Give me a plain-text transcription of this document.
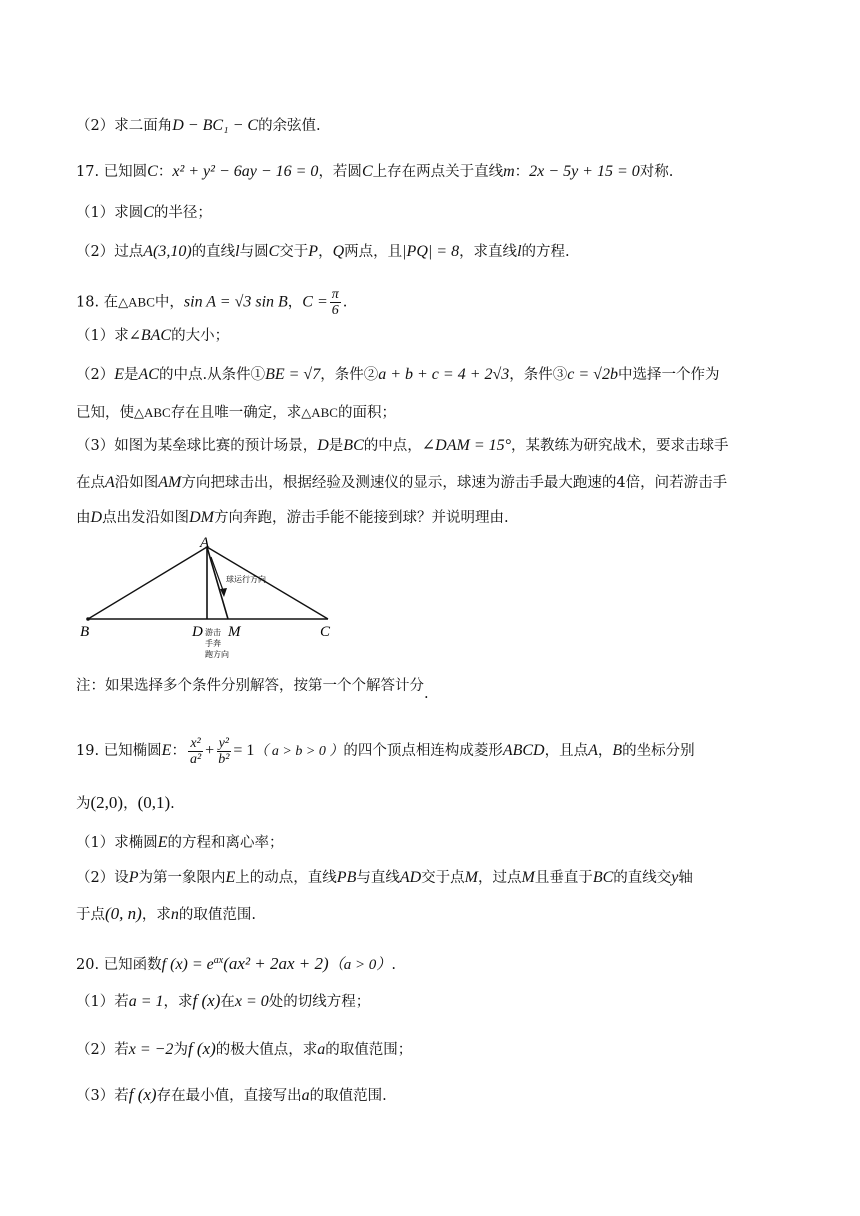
（2）求二面角D − BC₁ − C的余弦值.
17. 已知圆C：x² + y² − 6ay − 16 = 0，若圆C上存在两点关于直线m：2x − 5y + 15 = 0对称.
（1）求圆C的半径；
（2）过点A(3,10)的直线l与圆C交于P，Q两点，且|PQ| = 8，求直线l的方程.
18. 在△ABC中，sin A = √3 sin B，$C = \frac{\pi}{6}$ .
（1）求∠BAC的大小；
（2）E是AC的中点.从条件①BE = √7，条件②a + b + c = 4 + 2√3，条件③c = √2b中选择一个作为
已知，使△ABC存在且唯一确定，求△ABC的面积；
（3）如图为某垒球比赛的预计场景，D是BC的中点，∠DAM = 15°，某教练为研究战术，要求击球手
在点A沿如图AM方向把球击出，根据经验及测速仪的显示，球速为游击手最大跑速的4倍，问若游击手
由D点出发沿如图DM方向奔跑，游击手能不能接到球？并说明理由.
A
B	C
D M
球运行方向
游击
手奔
跑方向
注：如果选择多个条件分别解答，按第一个个解答计分.
19. 已知椭圆E： $\frac{\text{x²}}{\text{a²}} + \frac{\text{y²}}{\text{b²}} = 1$（ a > b > 0 ）的四个顶点相连构成菱形ABCD，且点A，B的坐标分别
为(2,0)，(0,1).
（1）求椭圆E的方程和离心率；
（2）设P为第一象限内E上的动点，直线PB与直线AD交于点M，过点M且垂直于BC的直线交y轴
于点(0, n)，求n的取值范围.
20. 已知函数f $(x) = e^{ax}(ax^2 + 2ax + 2)(a > 0)$.
（1）若a = 1，求f (x)在x = 0处的切线方程；
（2）若x = −2为f (x)的极大值点，求a的取值范围；
（3）若f (x)存在最小值，直接写出a的取值范围.
